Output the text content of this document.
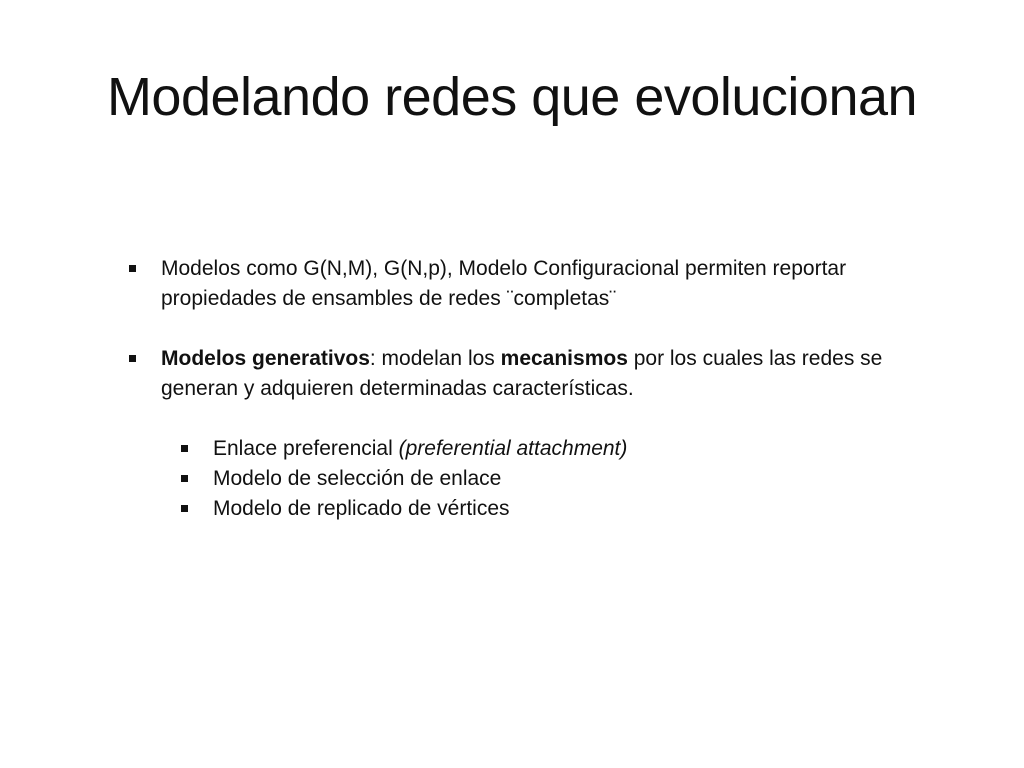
Modelando redes que evolucionan
Modelos como G(N,M), G(N,p), Modelo Configuracional permiten reportar propiedades de ensambles de redes ¨completas¨
Modelos generativos: modelan los mecanismos por los cuales las redes se generan y adquieren determinadas características.
Enlace preferencial (preferential attachment)
Modelo de selección de enlace
Modelo de replicado de vértices
